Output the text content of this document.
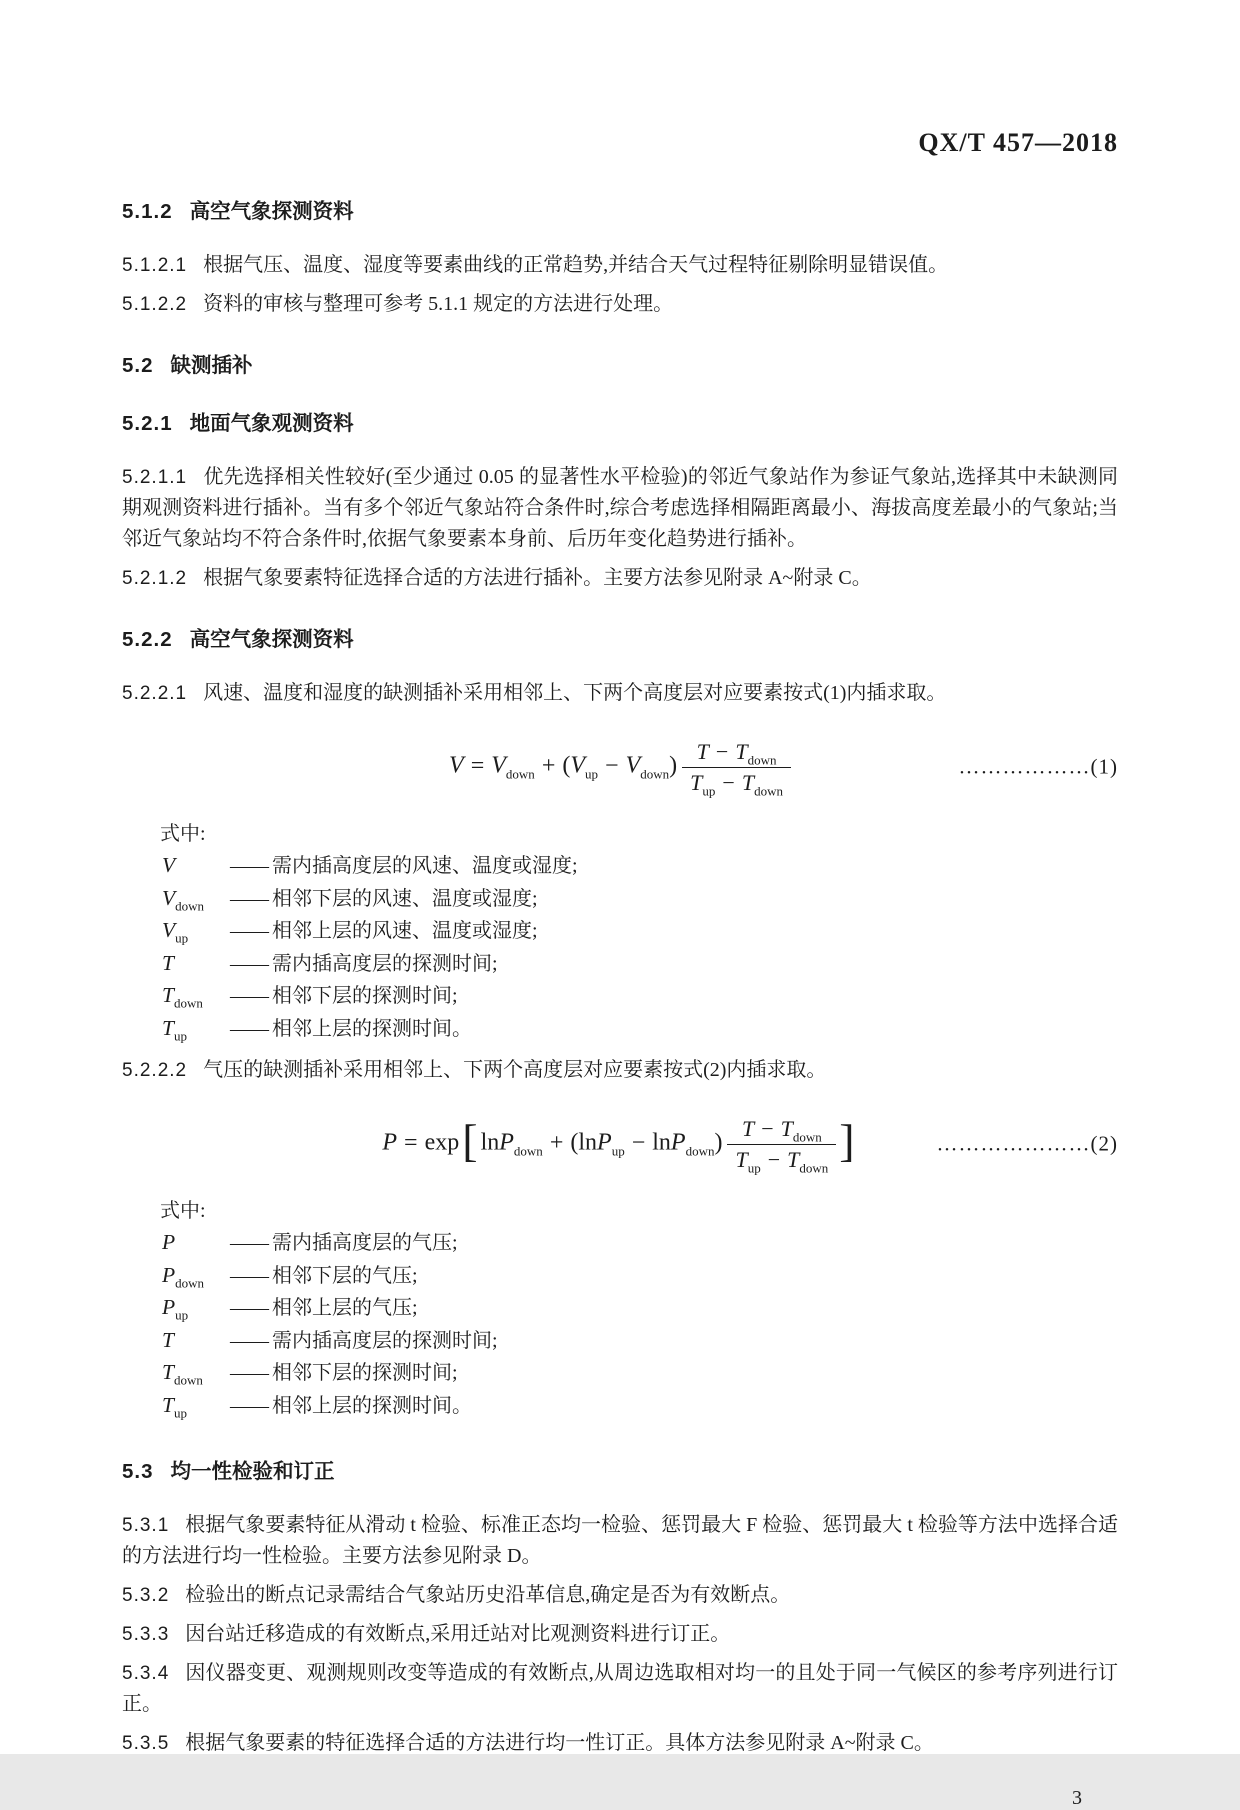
QX/T 457—2018
5.1.2 高空气象探测资料

5.1.2.1 根据气压、温度、湿度等要素曲线的正常趋势,并结合天气过程特征剔除明显错误值。

5.1.2.2 资料的审核与整理可参考 5.1.1 规定的方法进行处理。

5.2 缺测插补
5.2.1 地面气象观测资料

5.2.1.1 优先选择相关性较好(至少通过 0.05 的显著性水平检验)的邻近气象站作为参证气象站,选择其中未缺测同期观测资料进行插补。当有多个邻近气象站符合条件时,综合考虑选择相隔距离最小、海拔高度差最小的气象站;当邻近气象站均不符合条件时,依据气象要素本身前、后历年变化趋势进行插补。

5.2.1.2 根据气象要素特征选择合适的方法进行插补。主要方法参见附录 A~附录 C。

5.2.2 高空气象探测资料

5.2.2.1 风速、温度和湿度的缺测插补采用相邻上、下两个高度层对应要素按式(1)内插求取。

$V = V_{down} + (V_{up} - V_{down}) \frac{T - T_{down}}{T_{up} - T_{down}}$	………………(1)
式中:
V	—— 需内插高度层的风速、温度或湿度;
$V_{down}$	—— 相邻下层的风速、温度或湿度;
$V_{up}$	—— 相邻上层的风速、温度或湿度;
T	—— 需内插高度层的探测时间;
$T_{down}$	—— 相邻下层的探测时间;
$T_{up}$	—— 相邻上层的探测时间。

5.2.2.2 气压的缺测插补采用相邻上、下两个高度层对应要素按式(2)内插求取。

P = exp[ $\ln P_{down} + (\ln P_{up} - \ln P_{down}) \frac{T - T_{down}}{T_{up} - T_{down}}$ ]	…………………(2)
式中:
P	—— 需内插高度层的气压;
$P_{down}$	—— 相邻下层的气压;
$P_{up}$	—— 相邻上层的气压;
T	—— 需内插高度层的探测时间;
$T_{down}$	—— 相邻下层的探测时间;
$T_{up}$	—— 相邻上层的探测时间。
5.3 均一性检验和订正

5.3.1 根据气象要素特征从滑动 t 检验、标准正态均一检验、惩罚最大 F 检验、惩罚最大 t 检验等方法中选择合适的方法进行均一性检验。主要方法参见附录 D。

5.3.2 检验出的断点记录需结合气象站历史沿革信息,确定是否为有效断点。

5.3.3 因台站迁移造成的有效断点,采用迁站对比观测资料进行订正。

5.3.4 因仪器变更、观测规则改变等造成的有效断点,从周边选取相对均一的且处于同一气候区的参考序列进行订正。

5.3.5 根据气象要素的特征选择合适的方法进行均一性订正。具体方法参见附录 A~附录 C。

3
